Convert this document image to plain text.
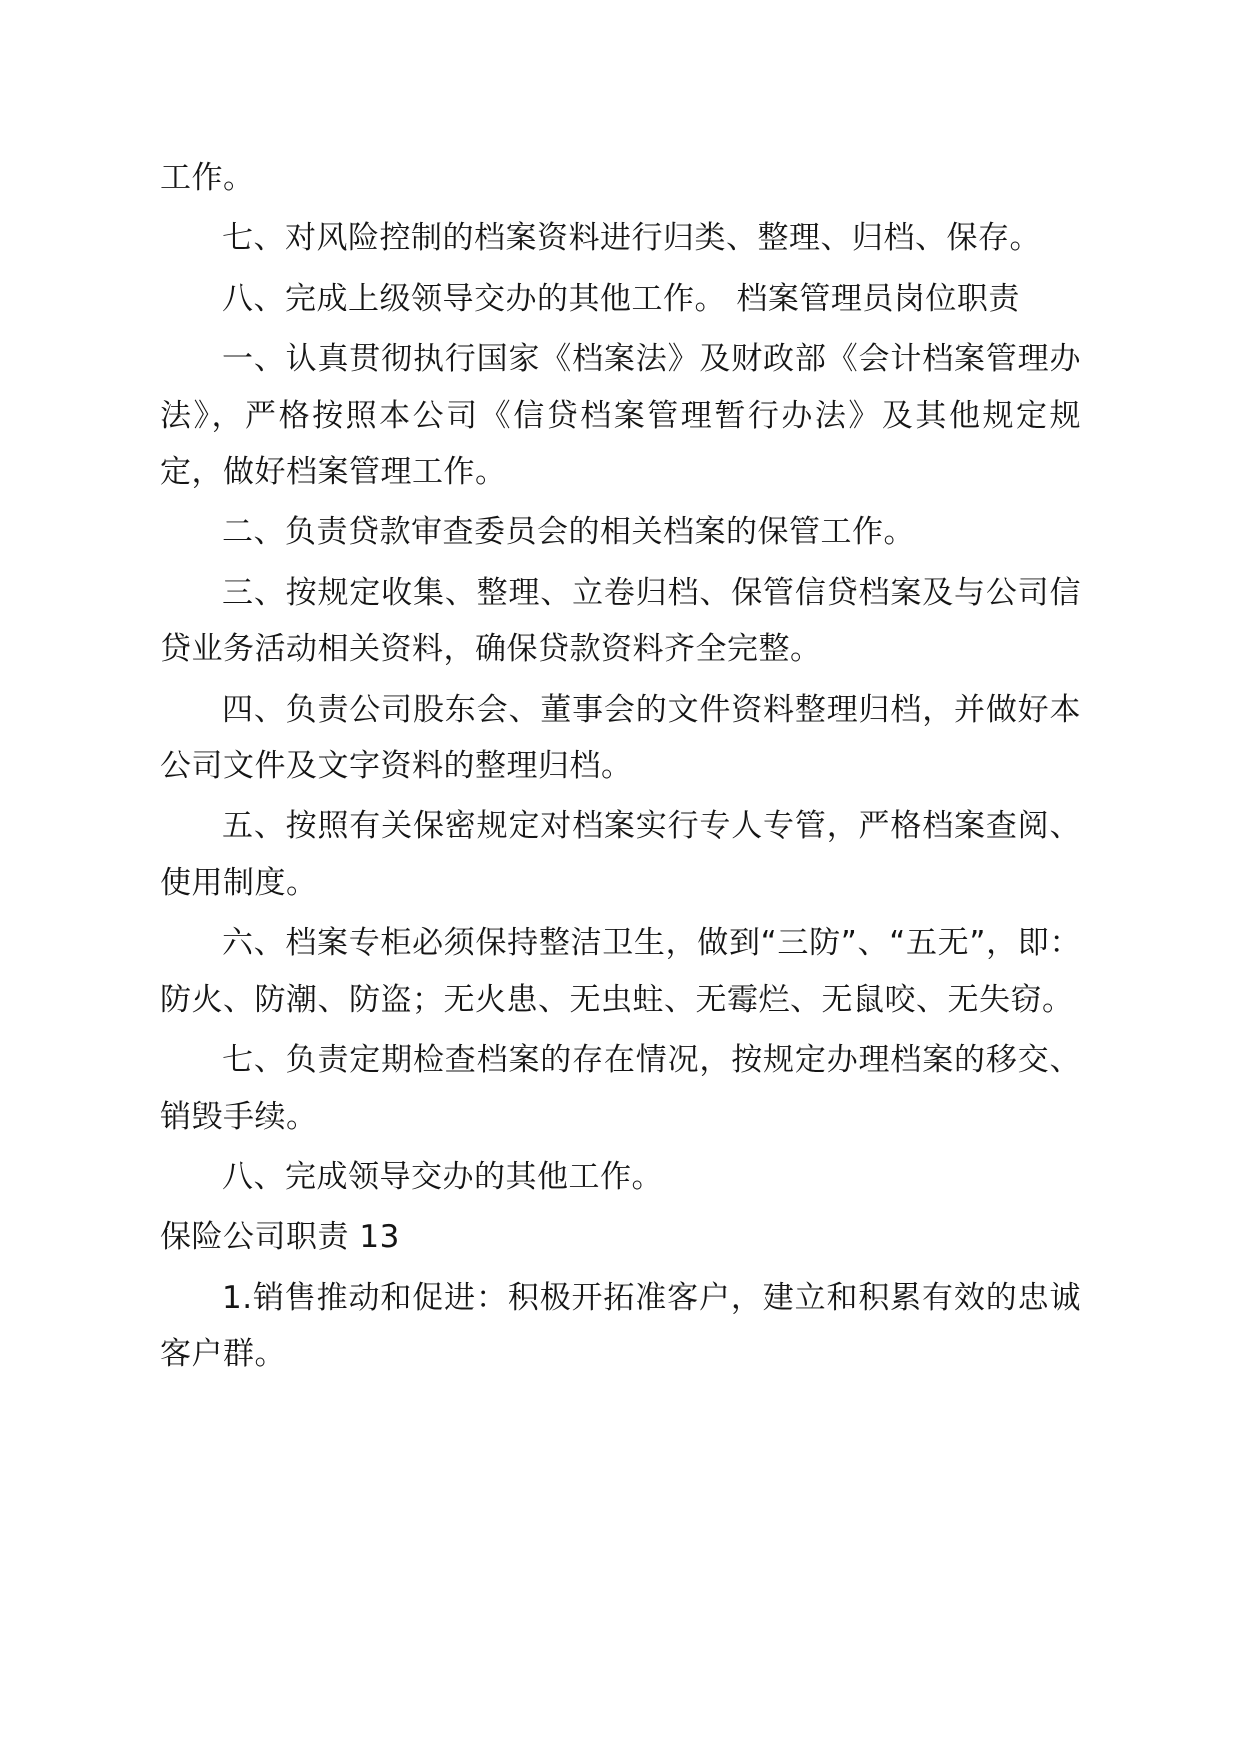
工作。

七、对风险控制的档案资料进行归类、整理、归档、保存。

八、完成上级领导交办的其他工作。 档案管理员岗位职责

一、认真贯彻执行国家《档案法》及财政部《会计档案管理办法》，严格按照本公司《信贷档案管理暂行办法》及其他规定规定，做好档案管理工作。

二、负责贷款审查委员会的相关档案的保管工作。

三、按规定收集、整理、立卷归档、保管信贷档案及与公司信贷业务活动相关资料，确保贷款资料齐全完整。

四、负责公司股东会、董事会的文件资料整理归档，并做好本公司文件及文字资料的整理归档。

五、按照有关保密规定对档案实行专人专管，严格档案查阅、使用制度。

六、档案专柜必须保持整洁卫生，做到“三防”、“五无”，即：防火、防潮、防盗；无火患、无虫蛀、无霉烂、无鼠咬、无失窃。

七、负责定期检查档案的存在情况，按规定办理档案的移交、销毁手续。

八、完成领导交办的其他工作。

保险公司职责 13

1.销售推动和促进：积极开拓准客户，建立和积累有效的忠诚客户群。
